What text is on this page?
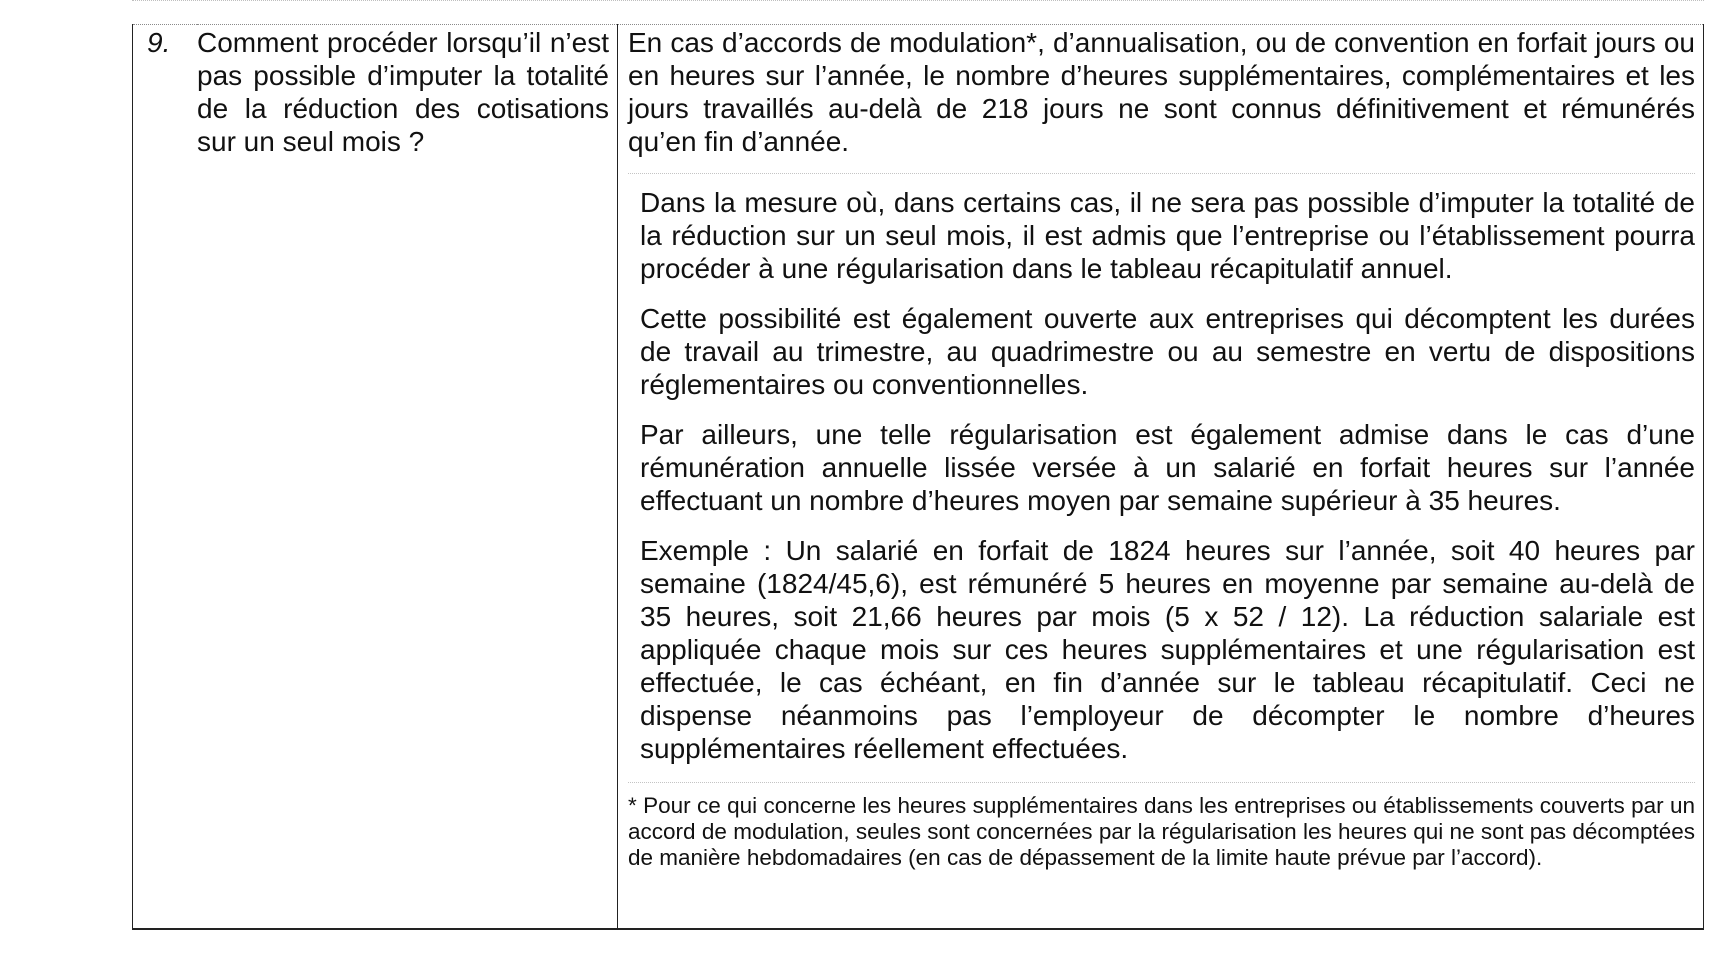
9.	Comment procéder lorsqu’il n’est pas possible d’imputer la totalité de la réduction des cotisations sur un seul mois ?

En cas d’accords de modulation*, d’annualisation, ou de convention en forfait jours ou en heures sur l’année, le nombre d’heures supplémentaires, complémentaires et les jours travaillés au-delà de 218 jours ne sont connus définitivement et rémunérés qu’en fin d’année.

Dans la mesure où, dans certains cas, il ne sera pas possible d’imputer la totalité de la réduction sur un seul mois, il est admis que l’entreprise ou l’établissement pourra procéder à une régularisation dans le tableau récapitulatif annuel.

Cette possibilité est également ouverte aux entreprises qui décomptent les durées de travail au trimestre, au quadrimestre ou au semestre en vertu de dispositions réglementaires ou conventionnelles.

Par ailleurs, une telle régularisation est également admise dans le cas d’une rémunération annuelle lissée versée à un salarié en forfait heures sur l’année effectuant un nombre d’heures moyen par semaine supérieur à 35 heures.

Exemple : Un salarié en forfait de 1824 heures sur l’année, soit 40 heures par semaine (1824/45,6), est rémunéré 5 heures en moyenne par semaine au-delà de 35 heures, soit 21,66 heures par mois (5 x 52 / 12). La réduction salariale est appliquée chaque mois sur ces heures supplémentaires et une régularisation est effectuée, le cas échéant, en fin d’année sur le tableau récapitulatif. Ceci ne dispense néanmoins pas l’employeur de décompter le nombre d’heures supplémentaires réellement effectuées.

* Pour ce qui concerne les heures supplémentaires dans les entreprises ou établissements couverts par un accord de modulation, seules sont concernées par la régularisation les heures qui ne sont pas décomptées de manière hebdomadaires (en cas de dépassement de la limite haute prévue par l’accord).
